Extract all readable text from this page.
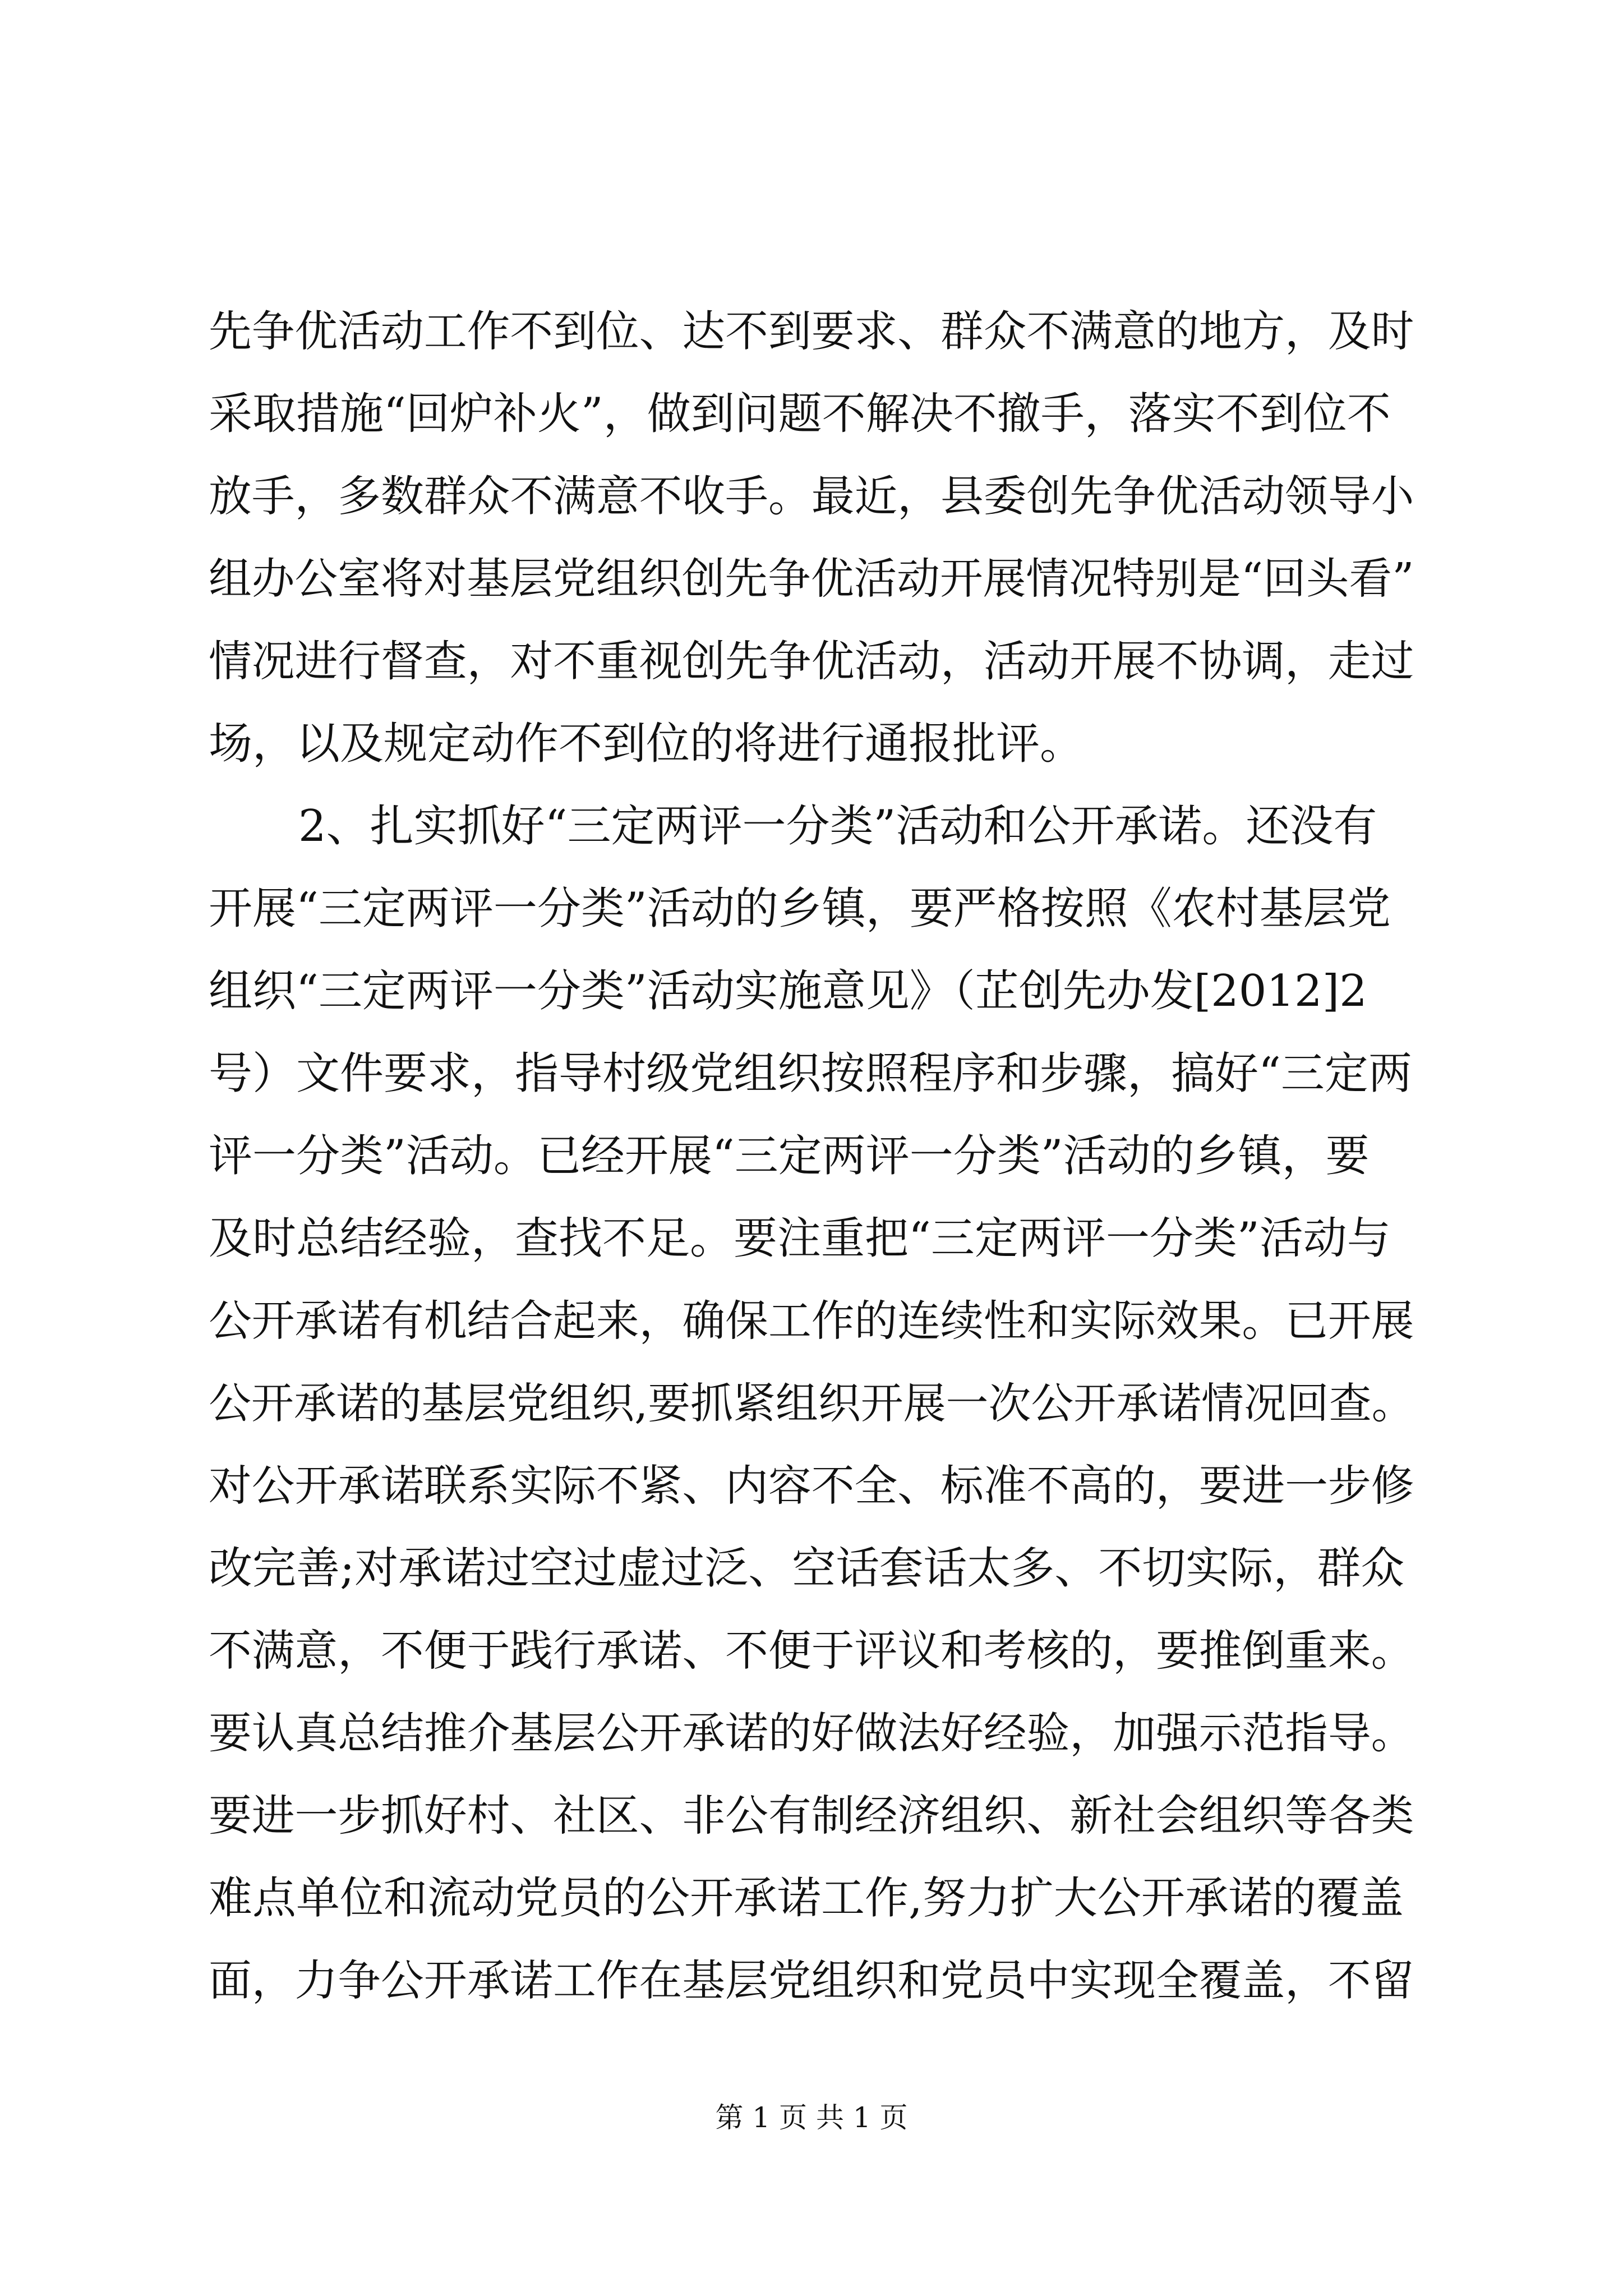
先争优活动工作不到位、达不到要求、群众不满意的地方，及时
采取措施“回炉补火”，做到问题不解决不撤手，落实不到位不
放手，多数群众不满意不收手。最近，县委创先争优活动领导小
组办公室将对基层党组织创先争优活动开展情况特别是“回头看”
情况进行督查，对不重视创先争优活动，活动开展不协调，走过
场，以及规定动作不到位的将进行通报批评。
2、扎实抓好“三定两评一分类”活动和公开承诺。还没有
开展“三定两评一分类”活动的乡镇，要严格按照《农村基层党
组织“三定两评一分类”活动实施意见》（芷创先办发[2012]2
号）文件要求，指导村级党组织按照程序和步骤，搞好“三定两
评一分类”活动。已经开展“三定两评一分类”活动的乡镇，要
及时总结经验，查找不足。要注重把“三定两评一分类”活动与
公开承诺有机结合起来，确保工作的连续性和实际效果。已开展
公开承诺的基层党组织,要抓紧组织开展一次公开承诺情况回查。
对公开承诺联系实际不紧、内容不全、标准不高的，要进一步修
改完善;对承诺过空过虚过泛、空话套话太多、不切实际，群众
不满意，不便于践行承诺、不便于评议和考核的，要推倒重来。
要认真总结推介基层公开承诺的好做法好经验，加强示范指导。
要进一步抓好村、社区、非公有制经济组织、新社会组织等各类
难点单位和流动党员的公开承诺工作,努力扩大公开承诺的覆盖
面，力争公开承诺工作在基层党组织和党员中实现全覆盖，不留
第 1 页 共 1 页
